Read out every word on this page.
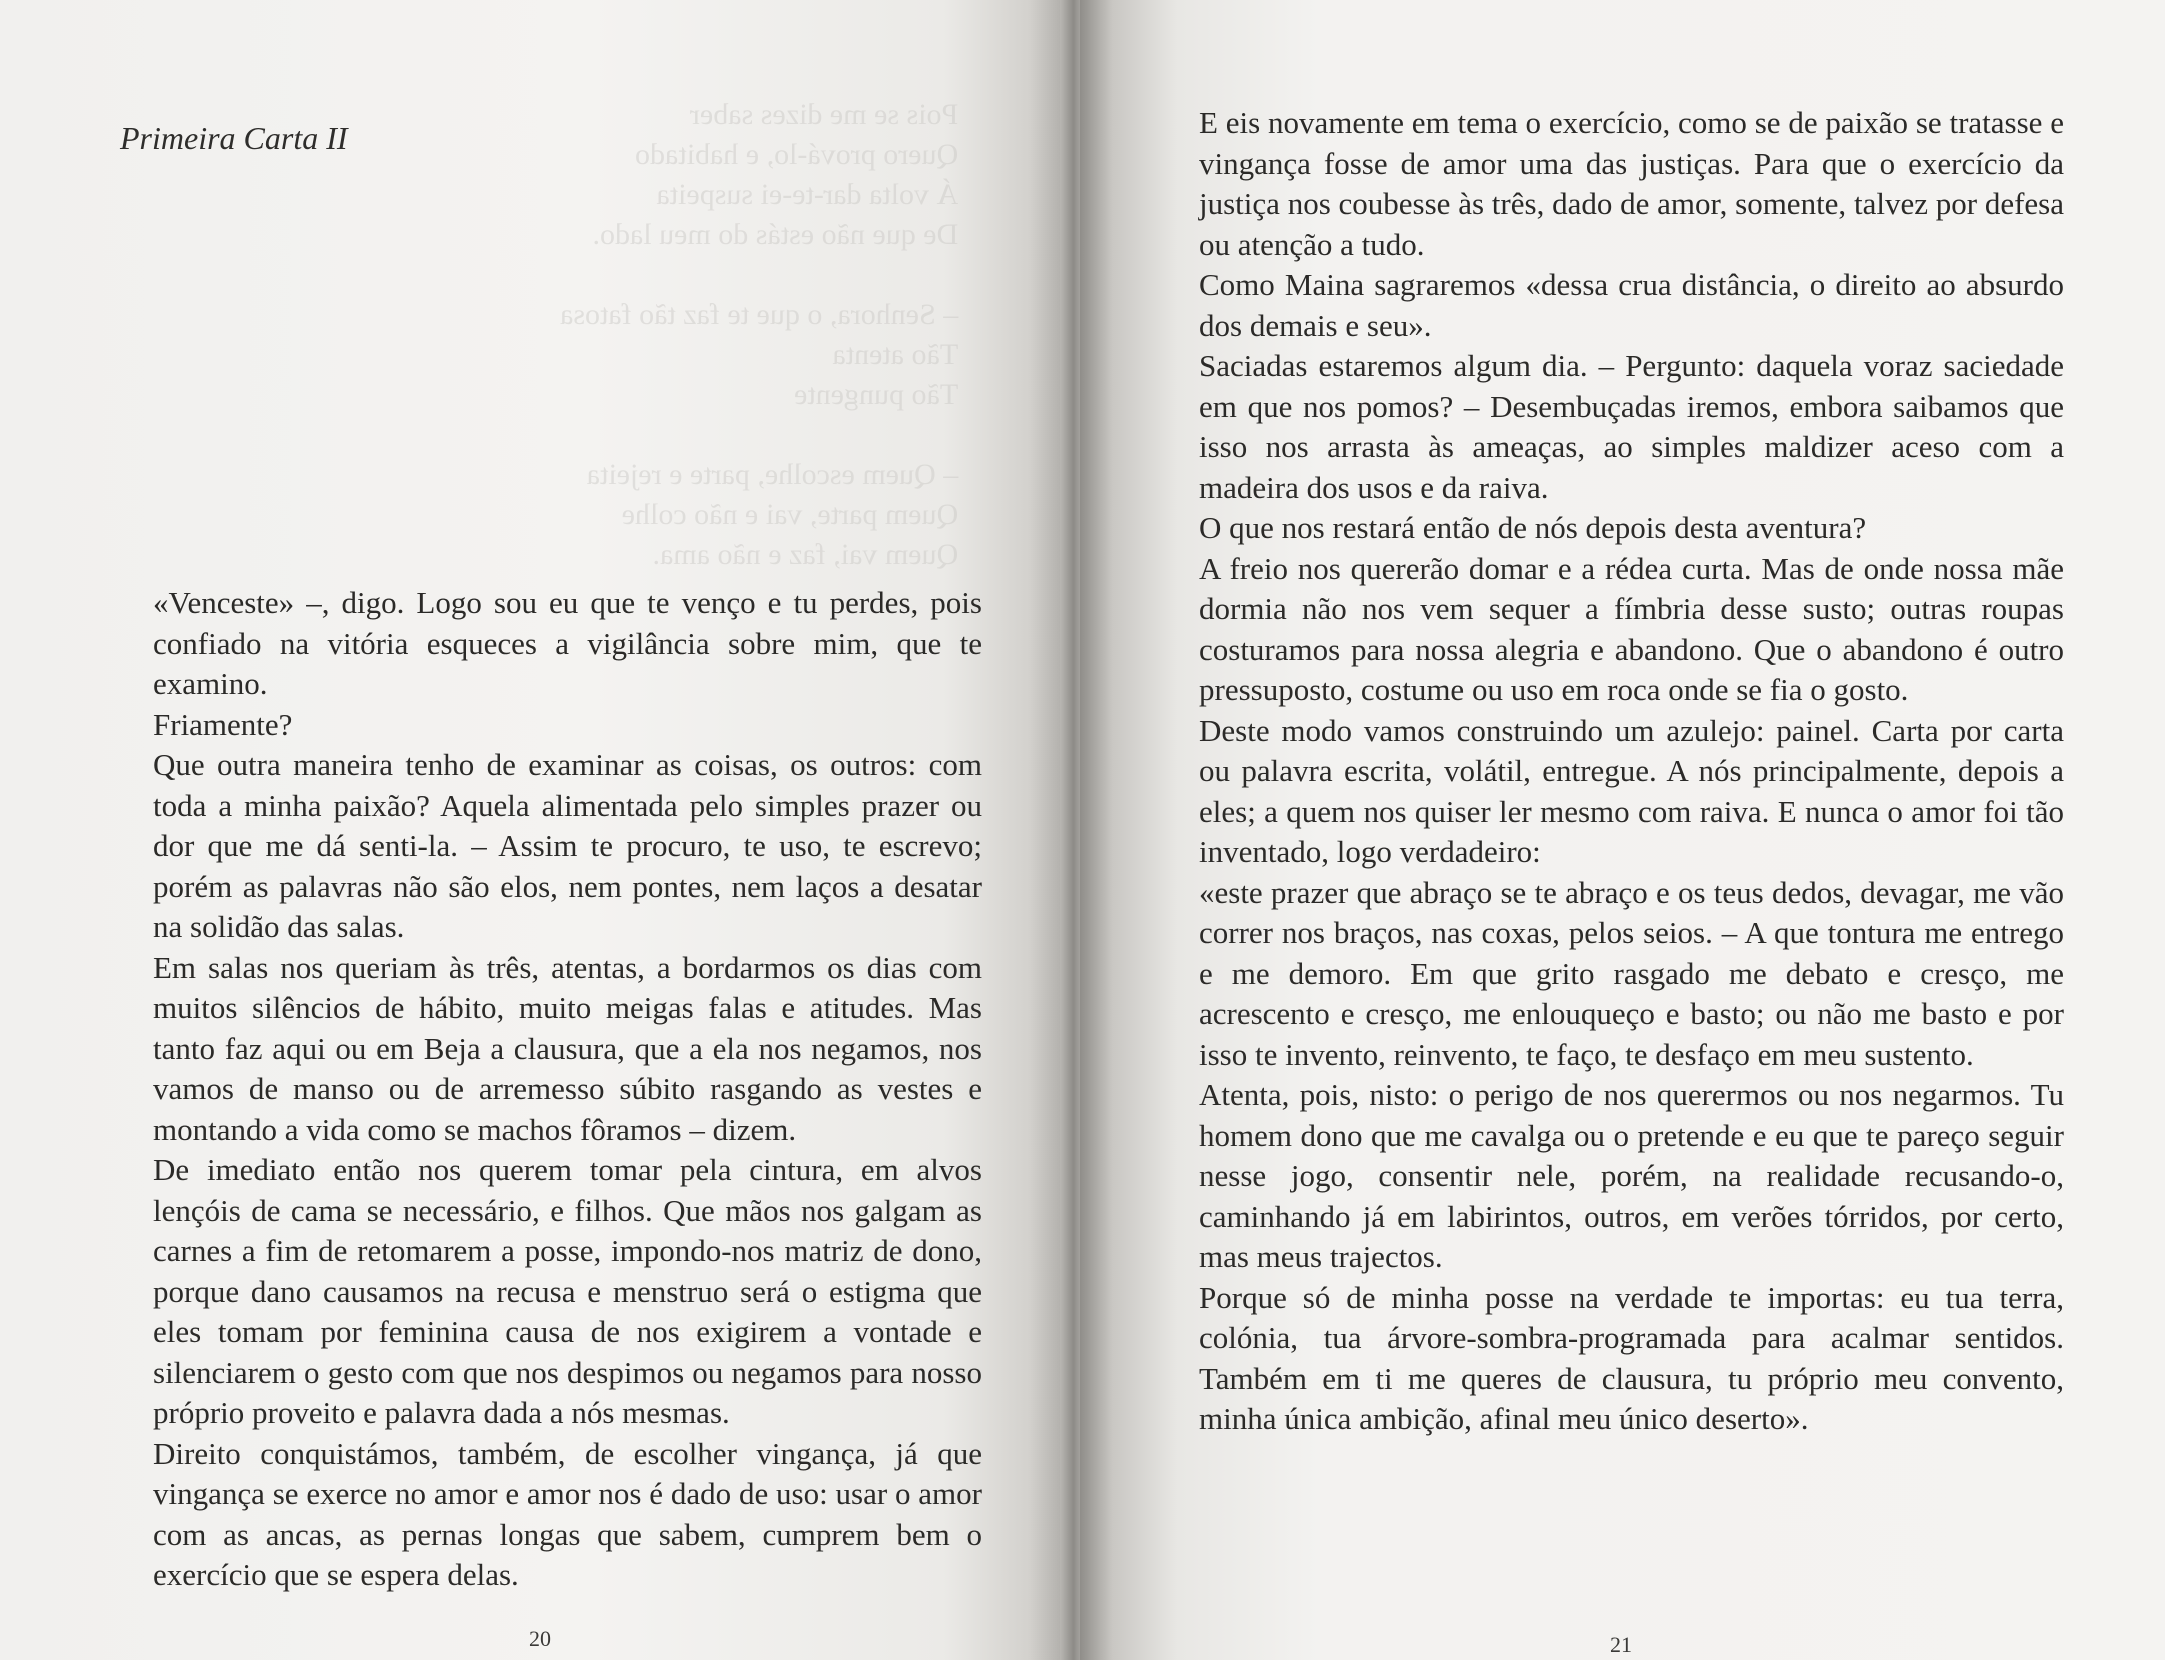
Pois se me dizes saber
Quero prová-lo, e habitado
Á volta dar-te-ei suspeita
De que não estás do meu lado.

– Senhora, o que te faz tão fatosa
Tão atenta
Tão pungente

– Quem escolhe, parte e rejeita
Quem parte, vai e não colhe
Quem vai, faz e não ama.
Primeira Carta II

«Venceste» –, digo. Logo sou eu que te venço e tu perdes, pois confiado na vitória esqueces a vigilância sobre mim, que te examino.

Friamente?

Que outra maneira tenho de examinar as coisas, os outros: com toda a minha paixão? Aquela alimentada pelo simples prazer ou dor que me dá senti-la. – Assim te procuro, te uso, te escrevo; porém as palavras não são elos, nem pontes, nem laços a desatar na solidão das salas.

Em salas nos queriam às três, atentas, a bordarmos os dias com muitos silêncios de hábito, muito meigas falas e atitudes. Mas tanto faz aqui ou em Beja a clausura, que a ela nos negamos, nos vamos de manso ou de arremesso súbito rasgando as vestes e montando a vida como se machos fôramos – dizem.

De imediato então nos querem tomar pela cintura, em alvos lençóis de cama se necessário, e filhos. Que mãos nos galgam as carnes a fim de retomarem a posse, impondo-nos matriz de dono, porque dano causamos na recusa e menstruo será o estigma que eles tomam por feminina causa de nos exigirem a vontade e silenciarem o gesto com que nos despimos ou negamos para nosso próprio proveito e palavra dada a nós mesmas.

Direito conquistámos, também, de escolher vingança, já que vingança se exerce no amor e amor nos é dado de uso: usar o amor com as ancas, as pernas longas que sabem, cumprem bem o exercício que se espera delas.

20

E eis novamente em tema o exercício, como se de paixão se tratasse e vingança fosse de amor uma das justiças. Para que o exercício da justiça nos coubesse às três, dado de amor, somente, talvez por defesa ou atenção a tudo.

Como Maina sagraremos «dessa crua distância, o direito ao absurdo dos demais e seu».

Saciadas estaremos algum dia. – Pergunto: daquela voraz saciedade em que nos pomos? – Desembuçadas iremos, embora saibamos que isso nos arrasta às ameaças, ao simples maldizer aceso com a madeira dos usos e da raiva.

O que nos restará então de nós depois desta aventura?

A freio nos quererão domar e a rédea curta. Mas de onde nossa mãe dormia não nos vem sequer a fímbria desse susto; outras roupas costuramos para nossa alegria e abandono. Que o abandono é outro pressuposto, costume ou uso em roca onde se fia o gosto.

Deste modo vamos construindo um azulejo: painel. Carta por carta ou palavra escrita, volátil, entregue. A nós principalmente, depois a eles; a quem nos quiser ler mesmo com raiva. E nunca o amor foi tão inventado, logo verdadeiro:

«este prazer que abraço se te abraço e os teus dedos, devagar, me vão correr nos braços, nas coxas, pelos seios. – A que tontura me entrego e me demoro. Em que grito rasgado me debato e cresço, me acrescento e cresço, me enlouqueço e basto; ou não me basto e por isso te invento, reinvento, te faço, te desfaço em meu sustento.

Atenta, pois, nisto: o perigo de nos querermos ou nos negarmos. Tu homem dono que me cavalga ou o pretende e eu que te pareço seguir nesse jogo, consentir nele, porém, na realidade recusando-o, caminhando já em labirintos, outros, em verões tórridos, por certo, mas meus trajectos.

Porque só de minha posse na verdade te importas: eu tua terra, colónia, tua árvore-sombra-programada para acalmar sentidos. Também em ti me queres de clausura, tu próprio meu convento, minha única ambição, afinal meu único deserto».

21
